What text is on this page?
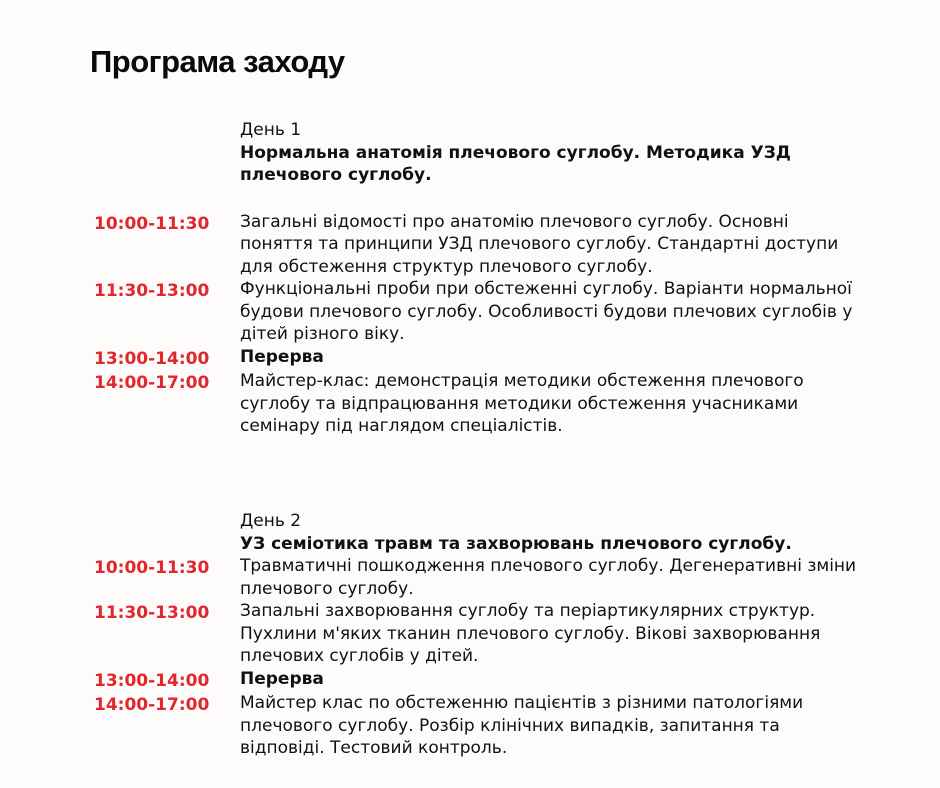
Програма заходу
День 1
Нормальна анатомія плечового суглобу. Методика УЗД плечового суглобу.
10:00-11:30	Загальні відомості про анатомію плечового суглобу. Основні поняття та принципи УЗД плечового суглобу. Стандартні доступи для обстеження структур плечового суглобу.
11:30-13:00	Функціональні проби при обстеженні суглобу. Варіанти нормальної будови плечового суглобу. Особливості будови плечових суглобів у дітей різного віку.
13:00-14:00	Перерва
14:00-17:00	Майстер-клас: демонстрація методики обстеження плечового суглобу та відпрацювання методики обстеження учасниками семінару під наглядом спеціалістів.
День 2
УЗ семіотика травм та захворювань плечового суглобу.
10:00-11:30	Травматичні пошкодження плечового суглобу. Дегенеративні зміни плечового суглобу.
11:30-13:00	Запальні захворювання суглобу та періартикулярних структур. Пухлини м'яких тканин плечового суглобу. Вікові захворювання плечових суглобів у дітей.
13:00-14:00	Перерва
14:00-17:00	Майстер клас по обстеженню пацієнтів з різними патологіями плечового суглобу. Розбір клінічних випадків, запитання та відповіді. Тестовий контроль.
